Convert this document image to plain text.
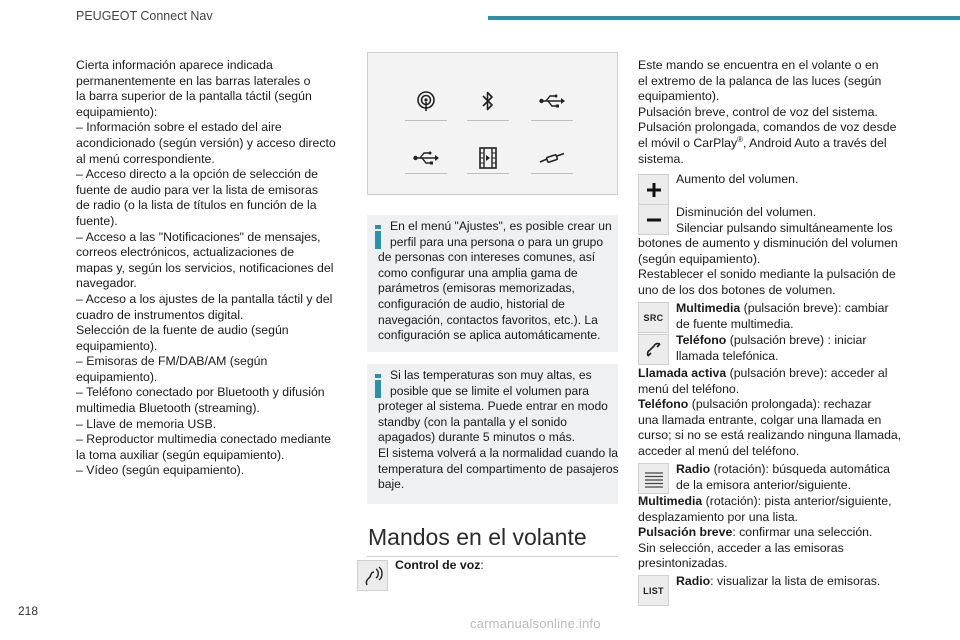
PEUGEOT Connect Nav
Cierta información aparece indicada
permanentemente en las barras laterales o
la barra superior de la pantalla táctil (según
equipamiento):
– Información sobre el estado del aire
acondicionado (según versión) y acceso directo
al menú correspondiente.
– Acceso directo a la opción de selección de
fuente de audio para ver la lista de emisoras
de radio (o la lista de títulos en función de la
fuente).
– Acceso a las "Notificaciones" de mensajes,
correos electrónicos, actualizaciones de
mapas y, según los servicios, notificaciones del
navegador.
– Acceso a los ajustes de la pantalla táctil y del
cuadro de instrumentos digital.
Selección de la fuente de audio (según
equipamiento).
– Emisoras de FM/DAB/AM (según
equipamiento).
– Teléfono conectado por Bluetooth y difusión
multimedia Bluetooth (streaming).
– Llave de memoria USB.
– Reproductor multimedia conectado mediante
la toma auxiliar (según equipamiento).
– Vídeo (según equipamiento).
En el menú "Ajustes", es posible crear un
perfil para una persona o para un grupo
de personas con intereses comunes, así
como configurar una amplia gama de
parámetros (emisoras memorizadas,
configuración de audio, historial de
navegación, contactos favoritos, etc.). La
configuración se aplica automáticamente.
Si las temperaturas son muy altas, es
posible que se limite el volumen para
proteger al sistema. Puede entrar en modo
standby (con la pantalla y el sonido
apagados) durante 5 minutos o más.
El sistema volverá a la normalidad cuando la
temperatura del compartimento de pasajeros
baje.
Mandos en el volante
Control de voz:
Este mando se encuentra en el volante o en
el extremo de la palanca de las luces (según
equipamiento).
Pulsación breve, control de voz del sistema.
Pulsación prolongada, comandos de voz desde
el móvil o CarPlay®, Android Auto a través del
sistema.
Aumento del volumen.
Disminución del volumen.
Silenciar pulsando simultáneamente los
botones de aumento y disminución del volumen
(según equipamiento).
Restablecer el sonido mediante la pulsación de
uno de los dos botones de volumen.
SRC
Multimedia (pulsación breve): cambiar
de fuente multimedia.
Teléfono (pulsación breve) : iniciar
llamada telefónica.
Llamada activa (pulsación breve): acceder al
menú del teléfono.
Teléfono (pulsación prolongada): rechazar
una llamada entrante, colgar una llamada en
curso; si no se está realizando ninguna llamada,
acceder al menú del teléfono.
Radio (rotación): búsqueda automática
de la emisora anterior/siguiente.
Multimedia (rotación): pista anterior/siguiente,
desplazamiento por una lista.
Pulsación breve: confirmar una selección.
Sin selección, acceder a las emisoras
presintonizadas.
LIST
Radio: visualizar la lista de emisoras.
218
carmanualsonline.info
